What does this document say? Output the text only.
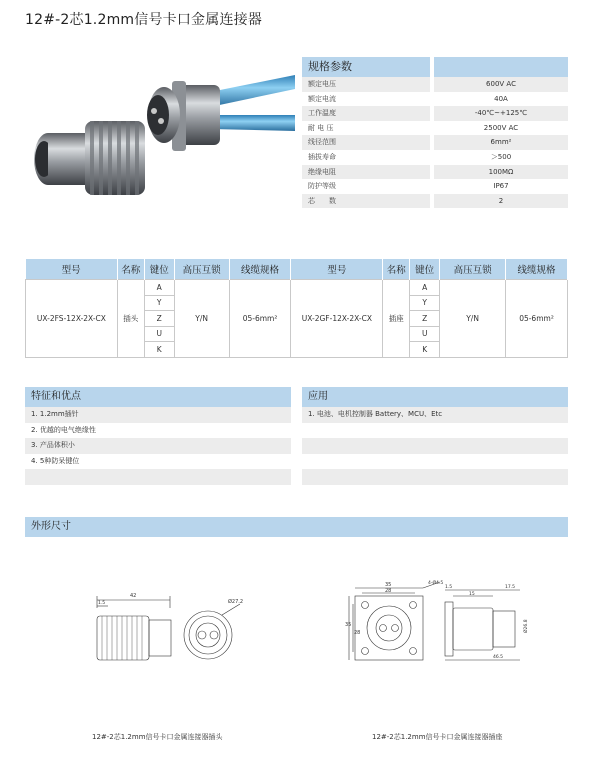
12#-2芯1.2mm信号卡口金属连接器
规格参数
额定电压	600V AC
额定电流	40A
工作温度	-40℃~+125℃
耐 电 压	2500V AC
线径范围	6mm²
插拔寿命	＞500
绝缘电阻	100MΩ
防护等级	IP67
芯　　数	2
型号	名称	键位	高压互锁	线缆规格	型号	名称	键位	高压互锁	线缆规格
UX-2FS-12X-2X-CX	插头	A	Y/N	05-6mm²	UX-2GF-12X-2X-CX	插座	A	Y/N	05-6mm²
		Y					Y		
		Z					Z		
		U					U		
		K					K		
特征和优点
1. 1.2mm插针
2. 优越的电气绝缘性
3. 产品体积小
4. 5种防呆键位
应用
1. 电池、电机控制器 Battery、MCU、Etc
外形尺寸
42
1.5	Ø27.2
35
28
4-Ø4.5
35
28
1.5	17.5
15
46.5
Ø26.8
12#-2芯1.2mm信号卡口金属连接器插头	12#-2芯1.2mm信号卡口金属连接器插座
